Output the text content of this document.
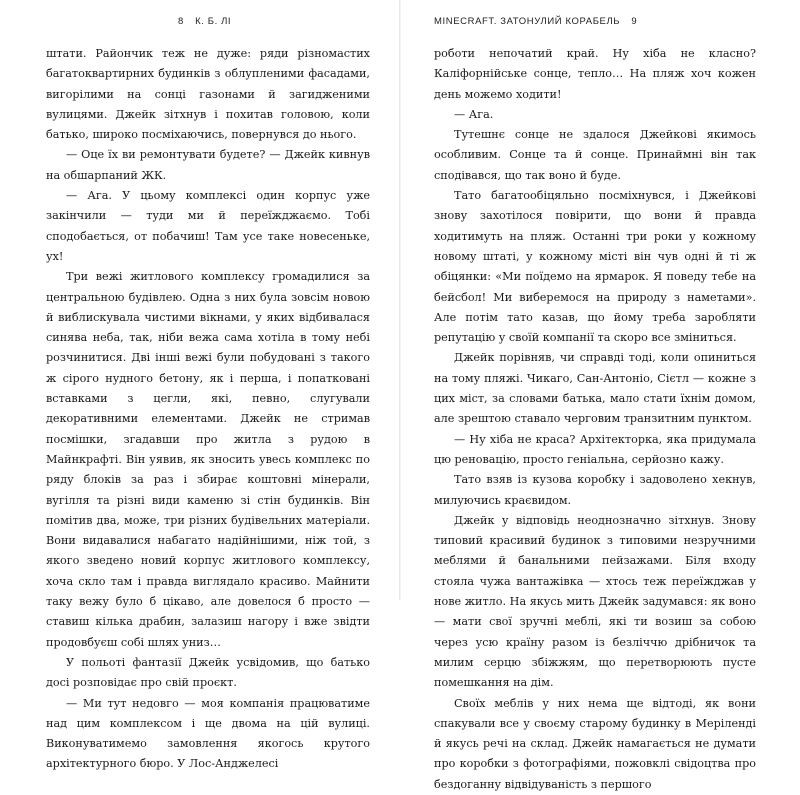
8 К. Б. ЛІ

штати. Райончик теж не дуже: ряди різномастих багатоквартирних будинків з облупленими фасадами, вигорілими на сонці газонами й загидженими вулицями. Джейк зітхнув і похитав головою, коли батько, широко посміхаючись, повернувся до нього.

— Оце їх ви ремонтувати будете? — Джейк кивнув на обшарпаний ЖК.

— Ага. У цьому комплексі один корпус уже закінчили — туди ми й переїжджаємо. Тобі сподобається, от побачиш! Там усе таке новесеньке, ух!

Три вежі житлового комплексу громадилися за центральною будівлею. Одна з них була зовсім новою й виблискувала чистими вікнами, у яких відбивалася синява неба, так, ніби вежа сама хотіла в тому небі розчинитися. Дві інші вежі були побудовані з такого ж сірого нудного бетону, як і перша, і попатковані вставками з цегли, які, певно, слугували декоративними елементами. Джейк не стримав посмішки, згадавши про житла з рудою в Майнкрафті. Він уявив, як зносить увесь комплекс по ряду блоків за раз і збирає коштовні мінерали, вугілля та різні види каменю зі стін будинків. Він помітив два, може, три різних будівельних матеріали. Вони видавалися набагато надійнішими, ніж той, з якого зведено новий корпус житлового комплексу, хоча скло там і правда виглядало красиво. Майнити таку вежу було б цікаво, але довелося б просто — ставиш кілька драбин, залазиш нагору і вже звідти продовбуєш собі шлях униз…

У польоті фантазії Джейк усвідомив, що батько досі розповідає про свій проєкт.

— Ми тут недовго — моя компанія працюватиме над цим комплексом і ще двома на цій вулиці. Виконуватимемо замовлення якогось крутого архітектурного бюро. У Лос-Анджелесі

MINECRAFT. ЗАТОНУЛИЙ КОРАБЕЛЬ 9

роботи непочатий край. Ну хіба не класно? Каліфорнійське сонце, тепло… На пляж хоч кожен день можемо ходити!

— Ага.

Тутешнє сонце не здалося Джейкові якимось особливим. Сонце та й сонце. Принаймні він так сподівався, що так воно й буде.

Тато багатообіцяльно посміхнувся, і Джейкові знову захотілося повірити, що вони й правда ходитимуть на пляж. Останні три роки у кожному новому штаті, у кожному місті він чув одні й ті ж обіцянки: «Ми поїдемо на ярмарок. Я поведу тебе на бейсбол! Ми виберемося на природу з наметами». Але потім тато казав, що йому треба заробляти репутацію у своїй компанії та скоро все зміниться.

Джейк порівняв, чи справді тоді, коли опиниться на тому пляжі. Чикаго, Сан-Антоніо, Сієтл — кожне з цих міст, за словами батька, мало стати їхнім домом, але зрештою ставало черговим транзитним пунктом.

— Ну хіба не краса? Архітекторка, яка придумала цю реновацію, просто геніальна, серйозно кажу.

Тато взяв із кузова коробку і задоволено хекнув, милуючись краєвидом.

Джейк у відповідь неоднозначно зітхнув. Знову типовий красивий будинок з типовими незручними меблями й банальними пейзажами. Біля входу стояла чужа вантажівка — хтось теж переїжджав у нове житло. На якусь мить Джейк задумався: як воно — мати свої зручні меблі, які ти возиш за собою через усю країну разом із безліччю дрібничок та милим серцю збіжжям, що перетворюють пусте помешкання на дім.

Своїх меблів у них нема ще відтоді, як вони спакували все у своєму старому будинку в Меріленді й якусь речі на склад. Джейк намагається не думати про коробки з фотографіями, пожовклі свідоцтва про бездоганну відвідуваність з першого
